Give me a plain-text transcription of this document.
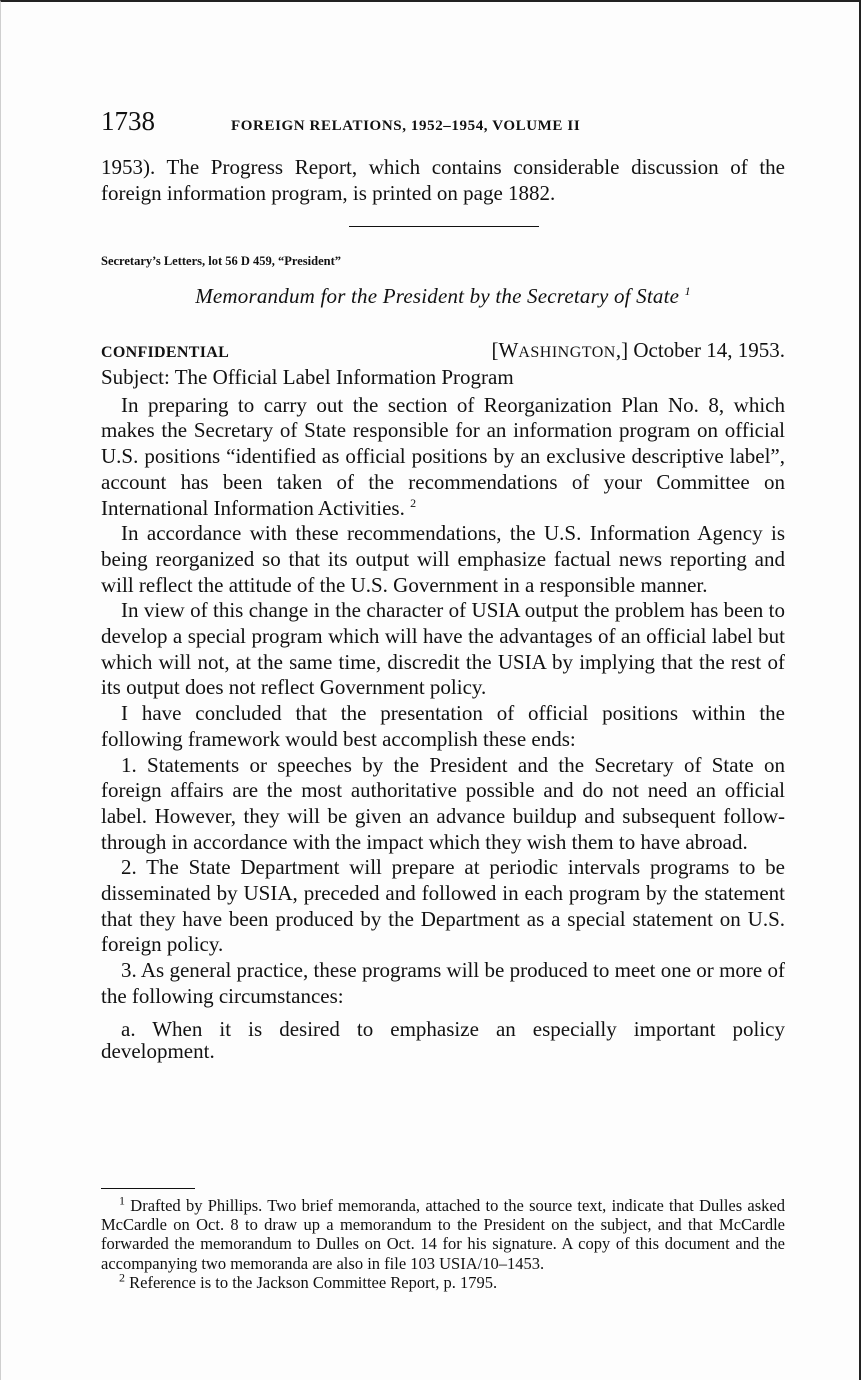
1738	FOREIGN RELATIONS, 1952–1954, VOLUME II

1953). The Progress Report, which contains considerable discussion of the foreign information program, is printed on page 1882.

Secretary’s Letters, lot 56 D 459, “President”
Memorandum for the President by the Secretary of State $^1$
CONFIDENTIAL	[WASHINGTON,] October 14, 1953.

Subject: The Official Label Information Program

In preparing to carry out the section of Reorganization Plan No. 8, which makes the Secretary of State responsible for an information program on official U.S. positions “identified as official positions by an exclusive descriptive label”, account has been taken of the recommendations of your Committee on International Information Activities. $^2$

In accordance with these recommendations, the U.S. Information Agency is being reorganized so that its output will emphasize factual news reporting and will reflect the attitude of the U.S. Government in a responsible manner.

In view of this change in the character of USIA output the problem has been to develop a special program which will have the advantages of an official label but which will not, at the same time, discredit the USIA by implying that the rest of its output does not reflect Government policy.

I have concluded that the presentation of official positions within the following framework would best accomplish these ends:

1. Statements or speeches by the President and the Secretary of State on foreign affairs are the most authoritative possible and do not need an official label. However, they will be given an advance buildup and subsequent follow-through in accordance with the impact which they wish them to have abroad.

2. The State Department will prepare at periodic intervals programs to be disseminated by USIA, preceded and followed in each program by the statement that they have been produced by the Department as a special statement on U.S. foreign policy.

3. As general practice, these programs will be produced to meet one or more of the following circumstances:

a. When it is desired to emphasize an especially important policy development.

$^1$ Drafted by Phillips. Two brief memoranda, attached to the source text, indicate that Dulles asked McCardle on Oct. 8 to draw up a memorandum to the President on the subject, and that McCardle forwarded the memorandum to Dulles on Oct. 14 for his signature. A copy of this document and the accompanying two memoranda are also in file 103 USIA/10–1453.

$^2$ Reference is to the Jackson Committee Report, p. 1795.
